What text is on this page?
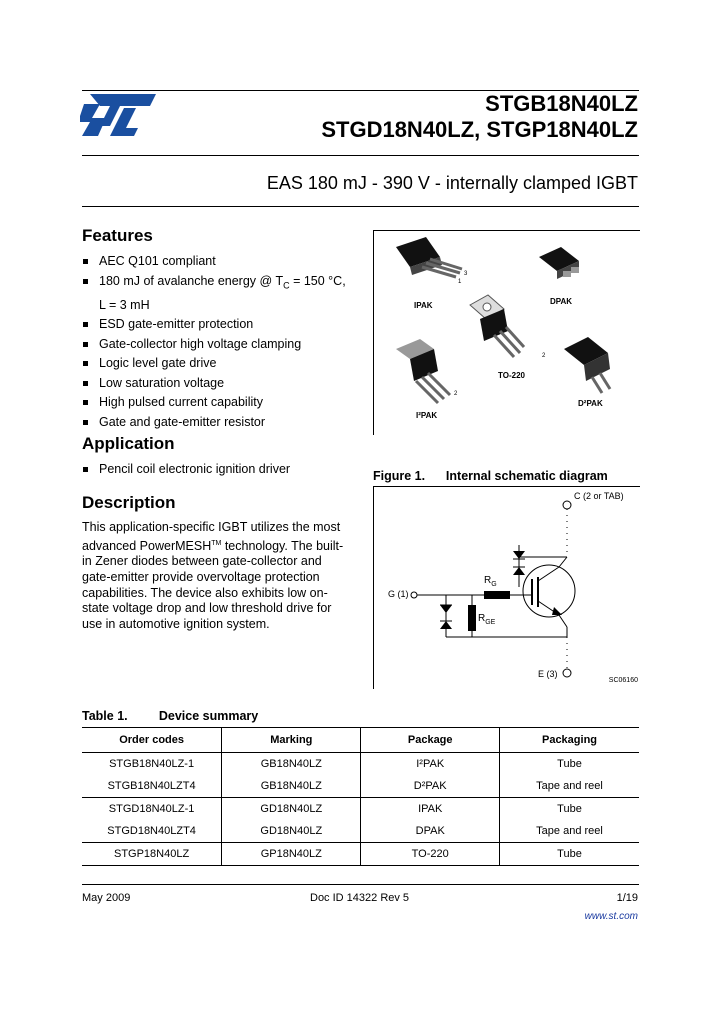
STGB18N40LZ
STGD18N40LZ, STGP18N40LZ
EAS 180 mJ - 390 V - internally clamped IGBT
Features
AEC Q101 compliant
180 mJ of avalanche energy @ $T_C = 150$ °C,
L = 3 mH
ESD gate-emitter protection
Gate-collector high voltage clamping
Logic level gate drive
Low saturation voltage
High pulsed current capability
Gate and gate-emitter resistor
Application
Pencil coil electronic ignition driver
Description
This application-specific IGBT utilizes the most advanced PowerMESH™ technology. The built-in Zener diodes between gate-collector and gate-emitter provide overvoltage protection capabilities. The device also exhibits low on-state voltage drop and low threshold drive for use in automotive ignition system.
IPAK	DPAK
TO-220
I²PAK
D²PAK
3
1
2
2
Figure 1.      Internal schematic diagram
C (2 or TAB)
G (1)
E (3)
$R_G$
$R_{GE}$
SC06160
Table 1.         Device summary
Order codes	Marking	Package	Packaging
STGB18N40LZ-1	GB18N40LZ	I²PAK	Tube
STGB18N40LZT4	GB18N40LZ	D²PAK	Tape and reel
STGD18N40LZ-1	GD18N40LZ	IPAK	Tube
STGD18N40LZT4	GD18N40LZ	DPAK	Tape and reel
STGP18N40LZ	GP18N40LZ	TO-220	Tube
May 2009	Doc ID 14322 Rev 5	1/19
www.st.com
